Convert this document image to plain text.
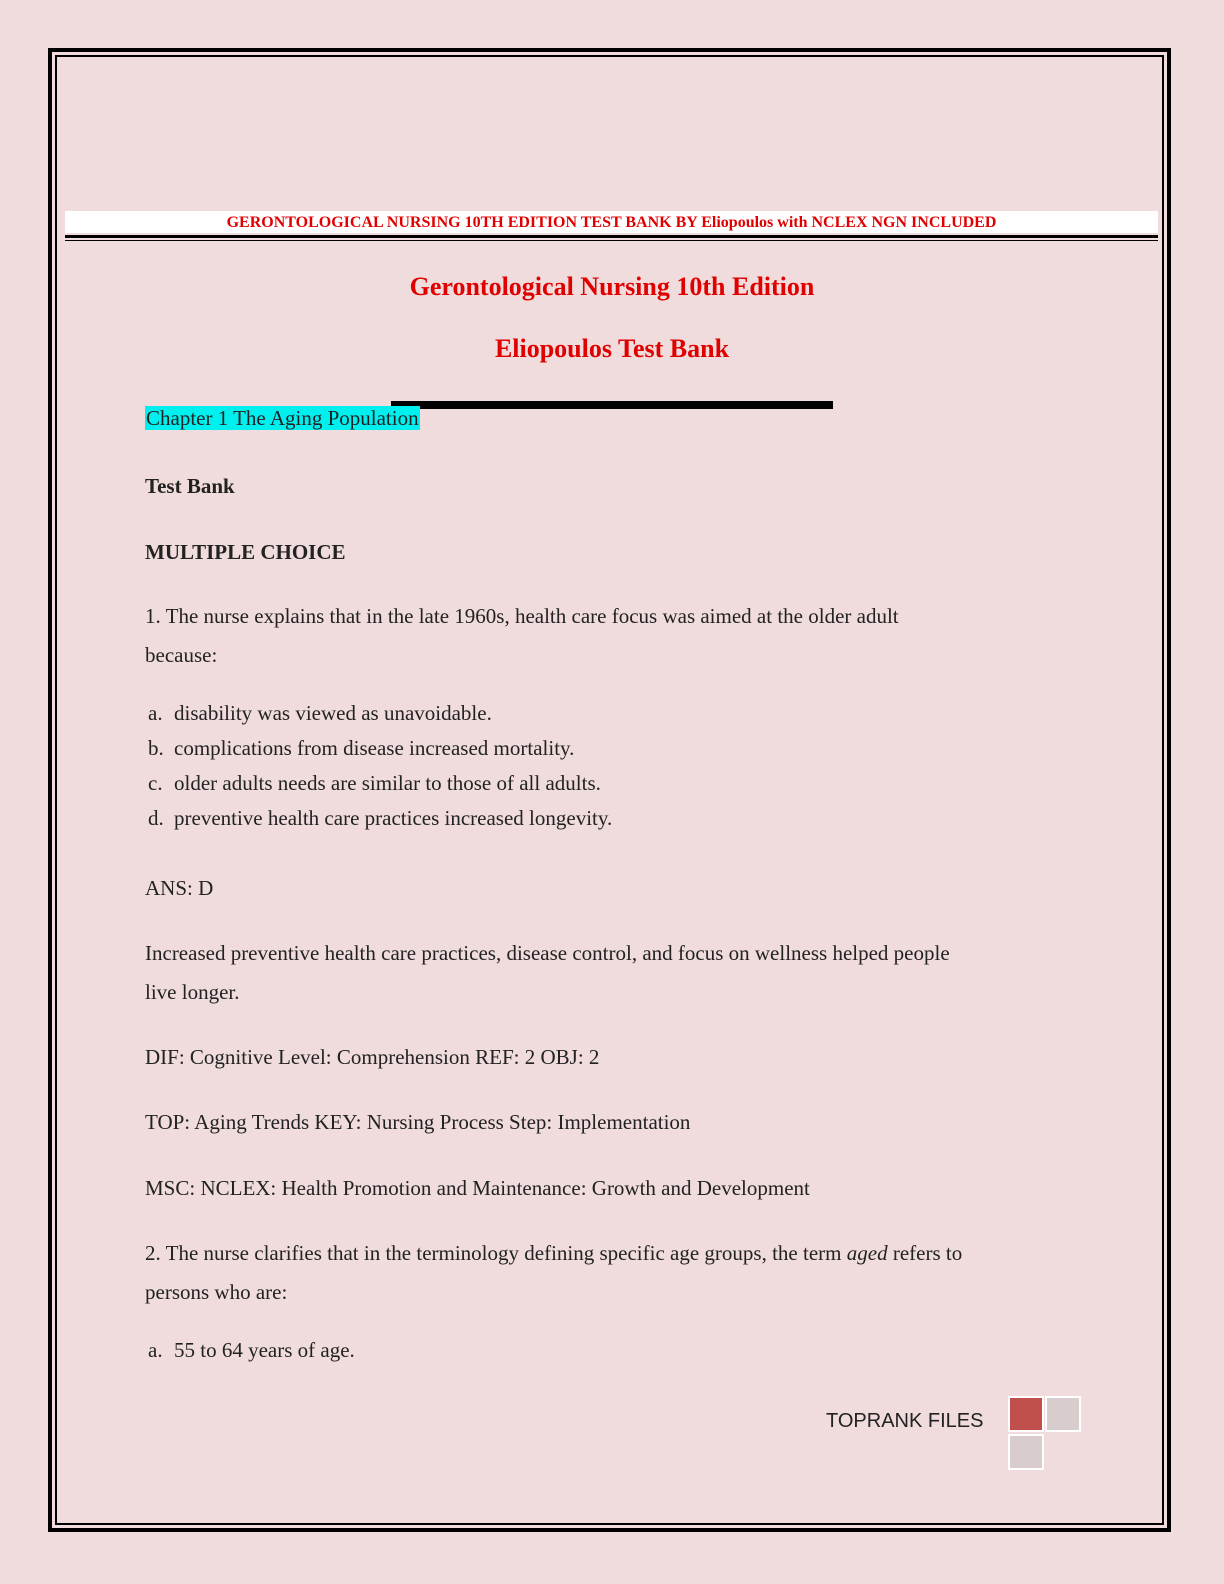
GERONTOLOGICAL NURSING 10TH EDITION TEST BANK BY Eliopoulos with NCLEX NGN INCLUDED
Gerontological Nursing 10th Edition
Eliopoulos Test Bank
Chapter 1 The Aging Population
Test Bank
MULTIPLE CHOICE
1. The nurse explains that in the late 1960s, health care focus was aimed at the older adult
because:
a. disability was viewed as unavoidable.
b. complications from disease increased mortality.
c. older adults needs are similar to those of all adults.
d. preventive health care practices increased longevity.
ANS: D
Increased preventive health care practices, disease control, and focus on wellness helped people
live longer.
DIF: Cognitive Level: Comprehension REF: 2 OBJ: 2
TOP: Aging Trends KEY: Nursing Process Step: Implementation
MSC: NCLEX: Health Promotion and Maintenance: Growth and Development
2. The nurse clarifies that in the terminology defining specific age groups, the term aged refers to
persons who are:
a. 55 to 64 years of age.
TOPRANK FILES
